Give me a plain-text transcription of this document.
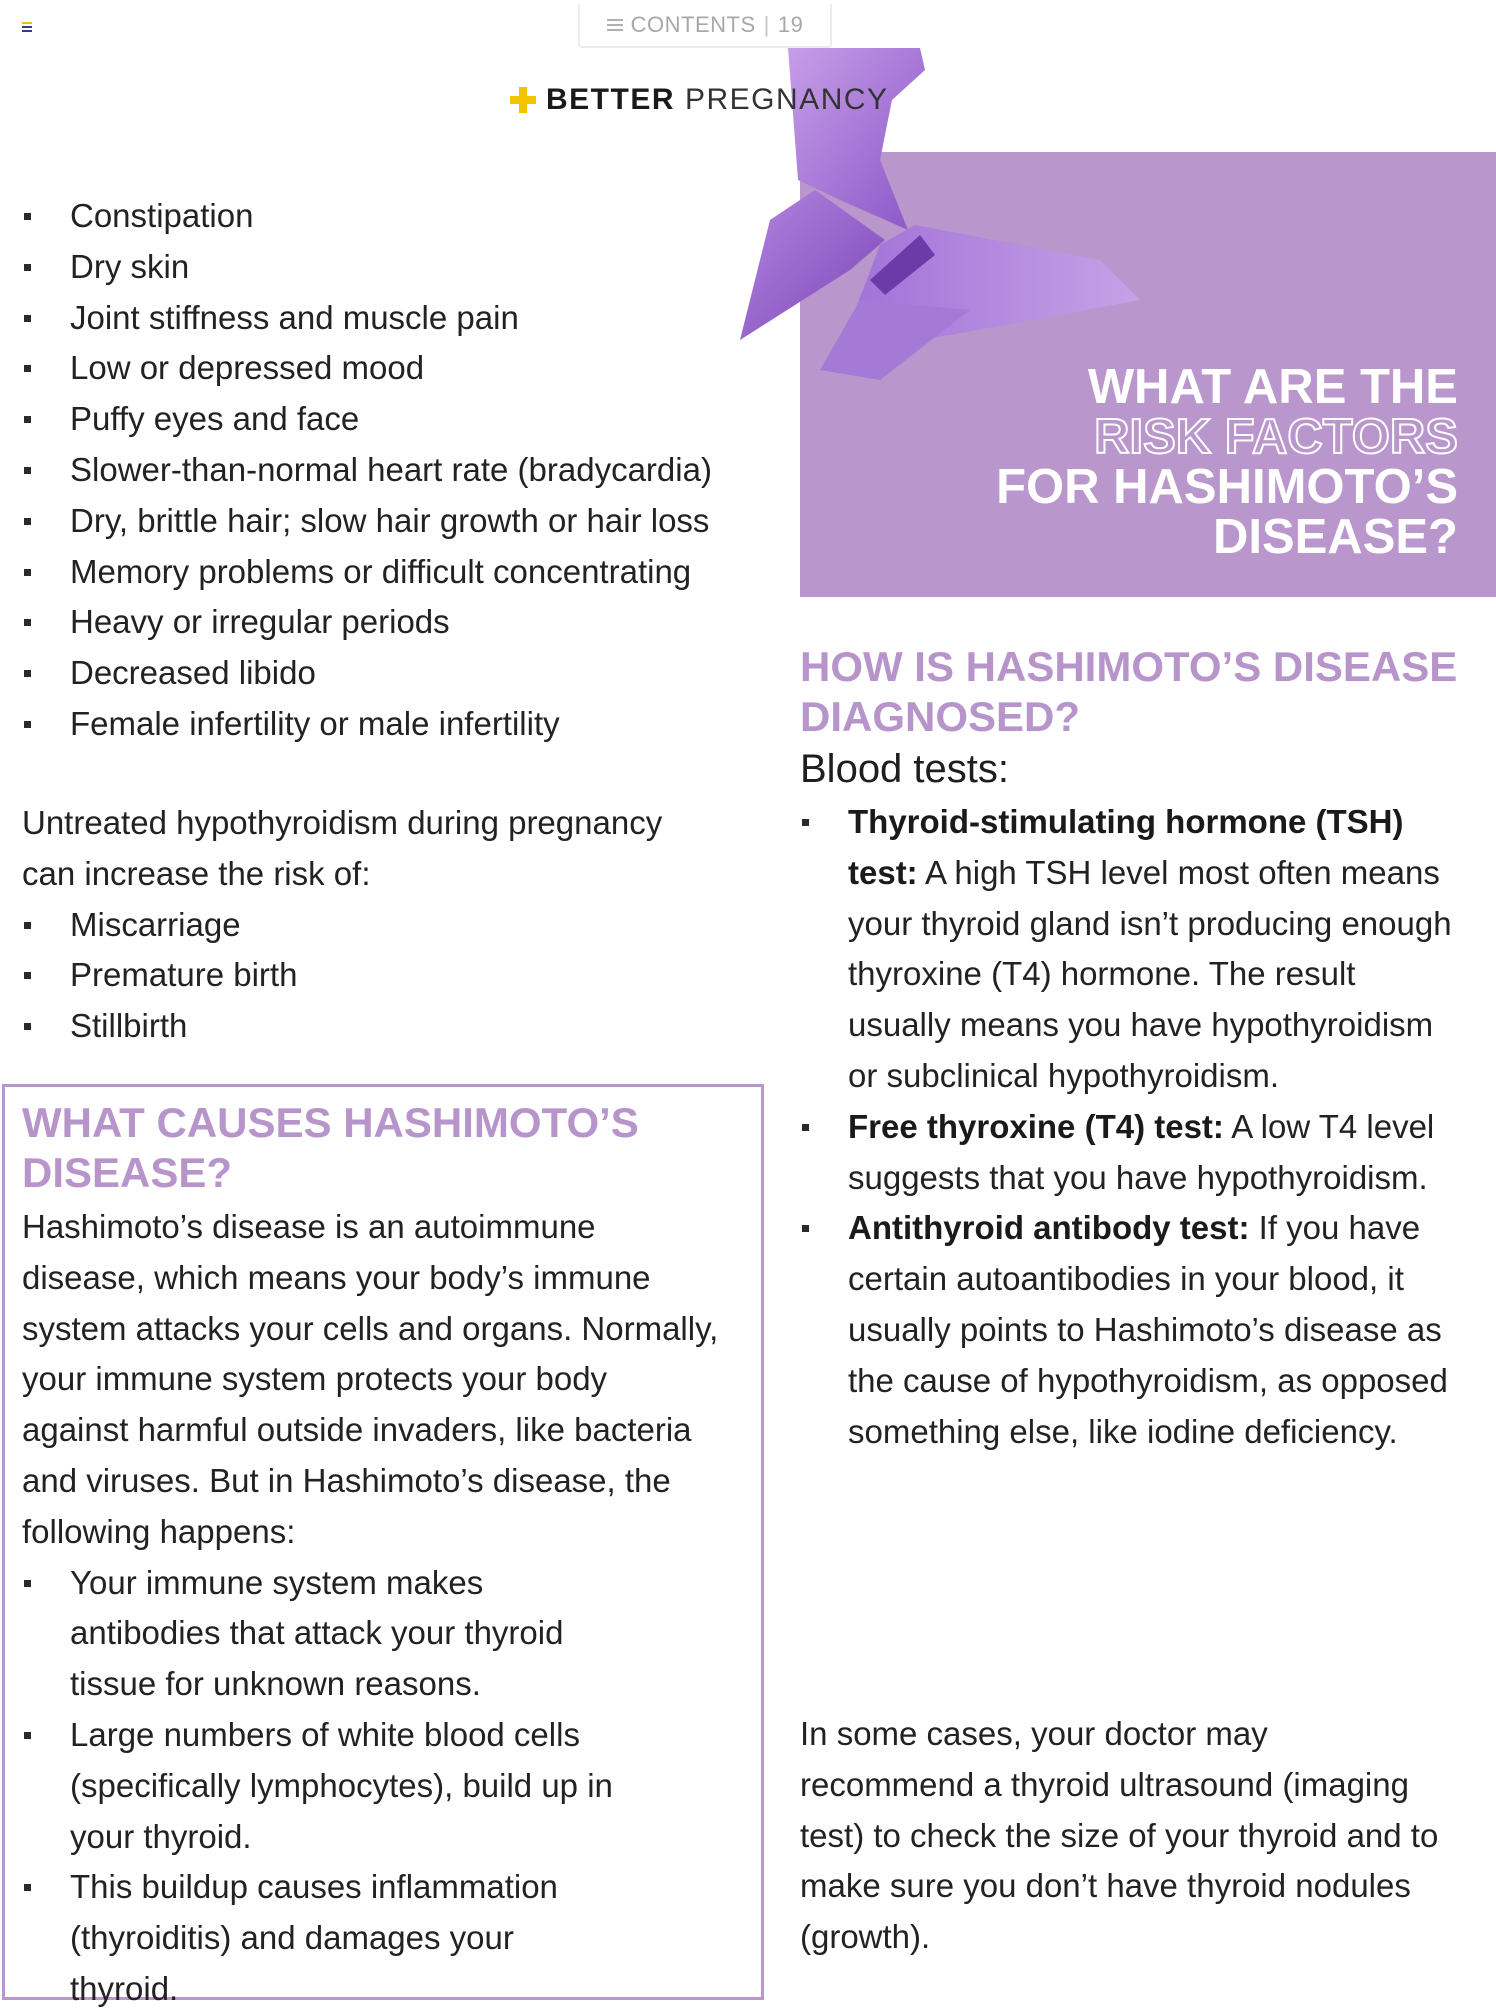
CONTENTS | 19
BETTER PREGNANCY
WHAT ARE THE
RISK FACTORS
FOR HASHIMOTO’S
DISEASE?
Constipation
Dry skin
Joint stiffness and muscle pain
Low or depressed mood
Puffy eyes and face
Slower-than-normal heart rate (bradycardia)
Dry, brittle hair; slow hair growth or hair loss
Memory problems or difficult concentrating
Heavy or irregular periods
Decreased libido
Female infertility or male infertility
Untreated hypothyroidism during pregnancy can increase the risk of:
Miscarriage
Premature birth
Stillbirth
WHAT CAUSES HASHIMOTO’S DISEASE?
Hashimoto’s disease is an autoimmune disease, which means your body’s immune system attacks your cells and organs. Normally, your immune system protects your body against harmful outside invaders, like bacteria and viruses. But in Hashimoto’s disease, the following happens:
Your immune system makes antibodies that attack your thyroid tissue for unknown reasons.
Large numbers of white blood cells (specifically lymphocytes), build up in your thyroid.
This buildup causes inflammation (thyroiditis) and damages your thyroid.
HOW IS HASHIMOTO’S DISEASE DIAGNOSED?
Blood tests:
Thyroid-stimulating hormone (TSH) test: A high TSH level most often means your thyroid gland isn’t producing enough thyroxine (T4) hormone. The result usually means you have hypothyroidism or subclinical hypothyroidism.
Free thyroxine (T4) test: A low T4 level suggests that you have hypothyroidism.
Antithyroid antibody test: If you have certain autoantibodies in your blood, it usually points to Hashimoto’s disease as the cause of hypothyroidism, as opposed something else, like iodine deficiency.
In some cases, your doctor may recommend a thyroid ultrasound (imaging test) to check the size of your thyroid and to make sure you don’t have thyroid nodules (growth).
